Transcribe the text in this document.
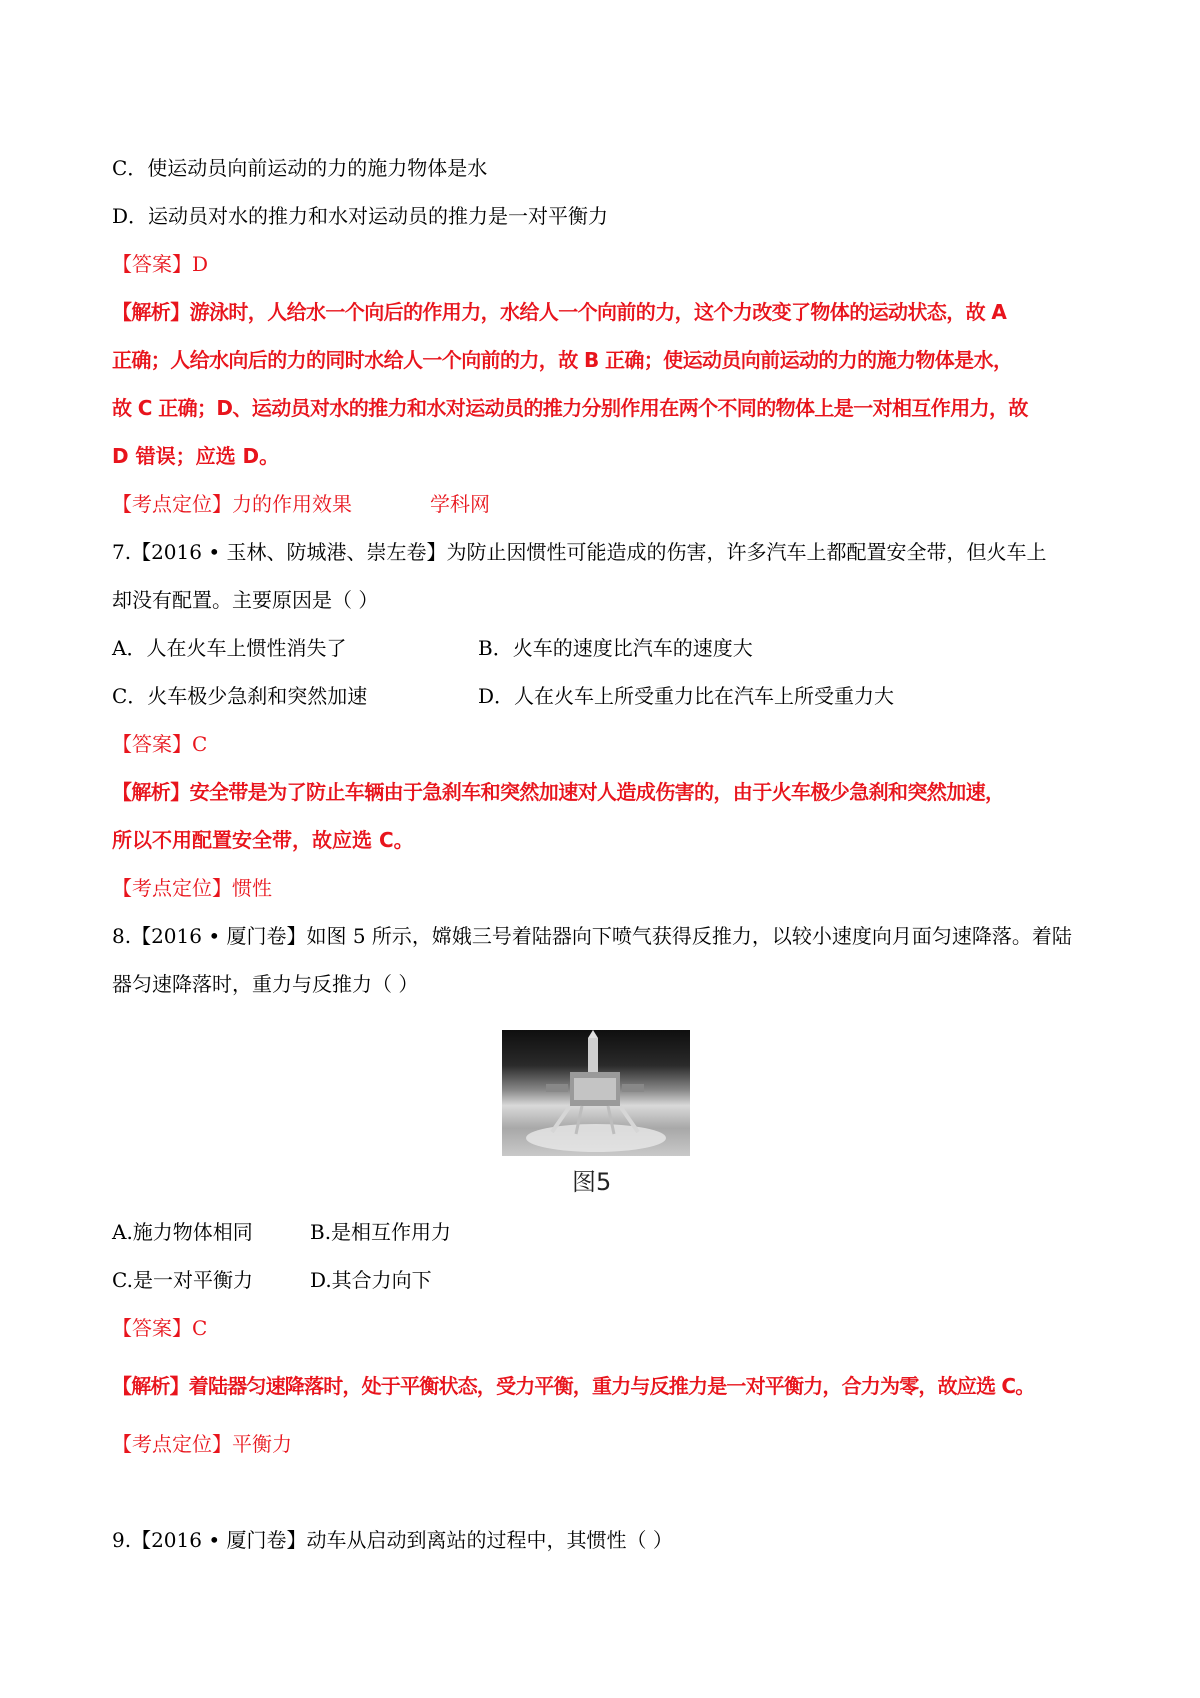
C．使运动员向前运动的力的施力物体是水
D．运动员对水的推力和水对运动员的推力是一对平衡力
【答案】D
【解析】游泳时，人给水一个向后的作用力，水给人一个向前的力，这个力改变了物体的运动状态，故 A
正确；人给水向后的力的同时水给人一个向前的力，故 B 正确；使运动员向前运动的力的施力物体是水，
故 C 正确；D、运动员对水的推力和水对运动员的推力分别作用在两个不同的物体上是一对相互作用力，故
D 错误；应选 D。
【考点定位】力的作用效果	学科网
7.【2016 • 玉林、防城港、崇左卷】为防止因惯性可能造成的伤害，许多汽车上都配置安全带，但火车上
却没有配置。主要原因是（ ）
A．人在火车上惯性消失了	B．火车的速度比汽车的速度大
C．火车极少急刹和突然加速	D．人在火车上所受重力比在汽车上所受重力大
【答案】C
【解析】安全带是为了防止车辆由于急刹车和突然加速对人造成伤害的，由于火车极少急刹和突然加速，
所以不用配置安全带，故应选 C。
【考点定位】惯性
8.【2016 • 厦门卷】如图 5 所示，嫦娥三号着陆器向下喷气获得反推力，以较小速度向月面匀速降落。着陆
器匀速降落时，重力与反推力（ ）
图5
A.施力物体相同	B.是相互作用力
C.是一对平衡力	D.其合力向下
【答案】C
【解析】着陆器匀速降落时，处于平衡状态，受力平衡，重力与反推力是一对平衡力，合力为零，故应选 C。
【考点定位】平衡力
9.【2016 • 厦门卷】动车从启动到离站的过程中，其惯性（ ）
